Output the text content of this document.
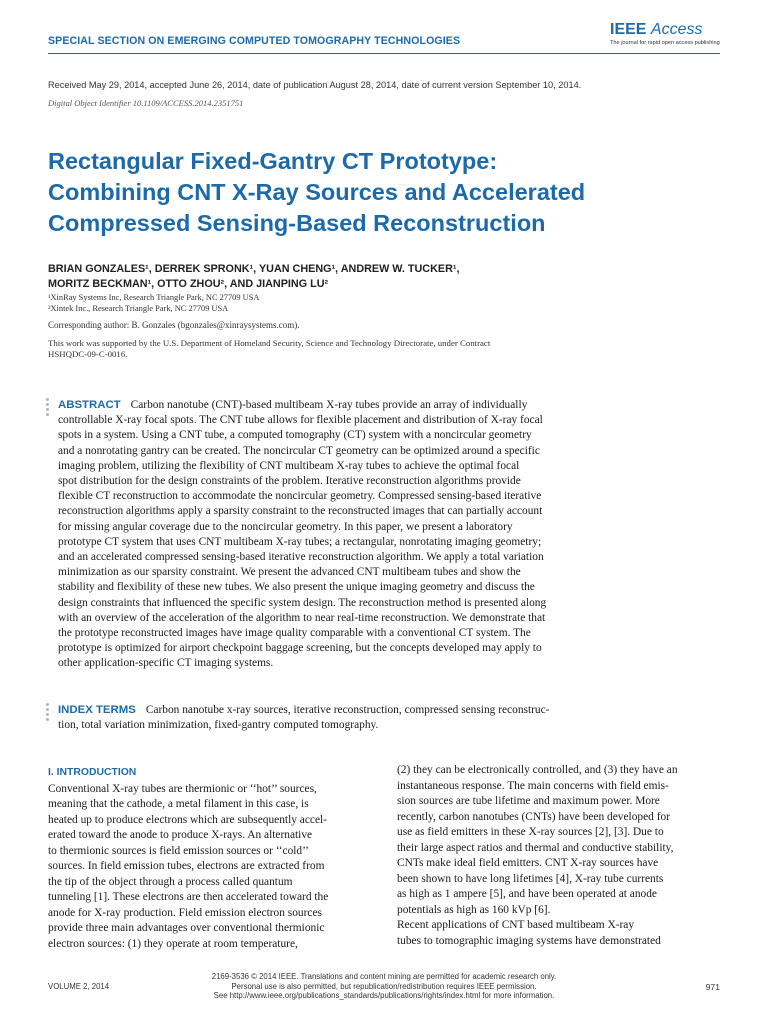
SPECIAL SECTION ON EMERGING COMPUTED TOMOGRAPHY TECHNOLOGIES
IEEE Access
The journal for rapid open access publishing
Received May 29, 2014, accepted June 26, 2014, date of publication August 28, 2014, date of current version September 10, 2014.
Digital Object Identifier 10.1109/ACCESS.2014.2351751
Rectangular Fixed-Gantry CT Prototype:
Combining CNT X-Ray Sources and Accelerated
Compressed Sensing-Based Reconstruction
BRIAN GONZALES¹, DERREK SPRONK¹, YUAN CHENG¹, ANDREW W. TUCKER¹,
MORITZ BECKMAN¹, OTTO ZHOU², AND JIANPING LU²
¹XinRay Systems Inc, Research Triangle Park, NC 27709 USA
²Xintek Inc., Research Triangle Park, NC 27709 USA
Corresponding author: B. Gonzales (bgonzales@xinraysystems.com).
This work was supported by the U.S. Department of Homeland Security, Science and Technology Directorate, under Contract
HSHQDC-09-C-0016.
ABSTRACT Carbon nanotube (CNT)-based multibeam X-ray tubes provide an array of individually
controllable X-ray focal spots. The CNT tube allows for flexible placement and distribution of X-ray focal
spots in a system. Using a CNT tube, a computed tomography (CT) system with a noncircular geometry
and a nonrotating gantry can be created. The noncircular CT geometry can be optimized around a specific
imaging problem, utilizing the flexibility of CNT multibeam X-ray tubes to achieve the optimal focal
spot distribution for the design constraints of the problem. Iterative reconstruction algorithms provide
flexible CT reconstruction to accommodate the noncircular geometry. Compressed sensing-based iterative
reconstruction algorithms apply a sparsity constraint to the reconstructed images that can partially account
for missing angular coverage due to the noncircular geometry. In this paper, we present a laboratory
prototype CT system that uses CNT multibeam X-ray tubes; a rectangular, nonrotating imaging geometry;
and an accelerated compressed sensing-based iterative reconstruction algorithm. We apply a total variation
minimization as our sparsity constraint. We present the advanced CNT multibeam tubes and show the
stability and flexibility of these new tubes. We also present the unique imaging geometry and discuss the
design constraints that influenced the specific system design. The reconstruction method is presented along
with an overview of the acceleration of the algorithm to near real-time reconstruction. We demonstrate that
the prototype reconstructed images have image quality comparable with a conventional CT system. The
prototype is optimized for airport checkpoint baggage screening, but the concepts developed may apply to
other application-specific CT imaging systems.
INDEX TERMS Carbon nanotube x-ray sources, iterative reconstruction, compressed sensing reconstruc-
tion, total variation minimization, fixed-gantry computed tomography.
I. INTRODUCTION
Conventional X-ray tubes are thermionic or ‘‘hot’’ sources,
meaning that the cathode, a metal filament in this case, is
heated up to produce electrons which are subsequently accel-
erated toward the anode to produce X-rays. An alternative
to thermionic sources is field emission sources or ‘‘cold’’
sources. In field emission tubes, electrons are extracted from
the tip of the object through a process called quantum
tunneling [1]. These electrons are then accelerated toward the
anode for X-ray production. Field emission electron sources
provide three main advantages over conventional thermionic
electron sources: (1) they operate at room temperature,
(2) they can be electronically controlled, and (3) they have an
instantaneous response. The main concerns with field emis-
sion sources are tube lifetime and maximum power. More
recently, carbon nanotubes (CNTs) have been developed for
use as field emitters in these X-ray sources [2], [3]. Due to
their large aspect ratios and thermal and conductive stability,
CNTs make ideal field emitters. CNT X-ray sources have
been shown to have long lifetimes [4], X-ray tube currents
as high as 1 ampere [5], and have been operated at anode
potentials as high as 160 kVp [6].
Recent applications of CNT based multibeam X-ray
tubes to tomographic imaging systems have demonstrated
VOLUME 2, 2014
2169-3536 © 2014 IEEE. Translations and content mining are permitted for academic research only.
Personal use is also permitted, but republication/redistribution requires IEEE permission.
See http://www.ieee.org/publications_standards/publications/rights/index.html for more information.
971
